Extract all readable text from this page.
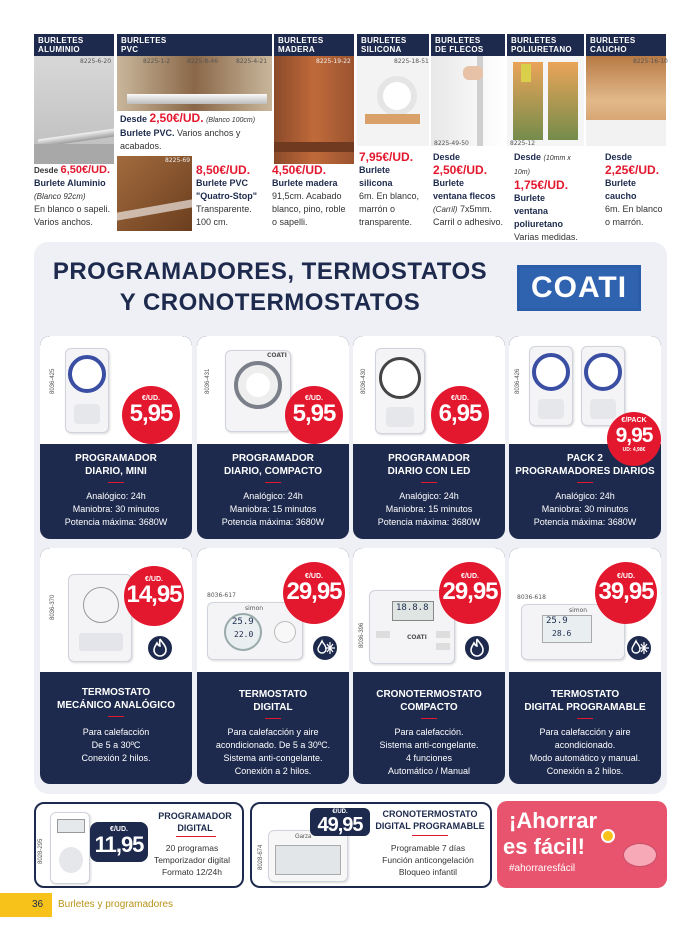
BURLETES
ALUMINIO
BURLETES
PVC
BURLETES
MADERA
BURLETES
SILICONA
BURLETES
DE FLECOS
BURLETES
POLIURETANO
BURLETES
CAUCHO
8225-6-20	8225-1-2	8225-8-46	8225-4-21	8225-19-22	8225-18-51
8225-49-50	8225-12
8225-16-10
8225-69
Desde 6,50€/UD.
Burlete Aluminio
(Blanco 92cm)
En blanco o sapeli.
Varios anchos.
Desde 2,50€/UD. (Blanco 100cm)
Burlete PVC. Varios anchos y
acabados.
8,50€/UD.
Burlete PVC
"Quatro-Stop"
Transparente.
100 cm.
4,50€/UD.
Burlete madera
91,5cm. Acabado
blanco, pino, roble
o sapelli.
7,95€/UD.
Burlete
silicona
6m. En blanco,
marrón o
transparente.
Desde
2,50€/UD.
Burlete
ventana flecos
(Carril) 7x5mm.
Carril o adhesivo.
Desde (10mm x 10m)
1,75€/UD.
Burlete
ventana
poliuretano
Varias medidas.
Desde
2,25€/UD.
Burlete
caucho
6m. En blanco
o marrón.
PROGRAMADORES, TERMOSTATOS
Y CRONOTERMOSTATOS	COATI
8036-425
€/UD.
5,95
PROGRAMADOR
DIARIO, MINI
Analógico: 24h
Maniobra: 30 minutos
Potencia máxima: 3680W
COATI
8036-431
€/UD.
5,95
PROGRAMADOR
DIARIO, COMPACTO
Analógico: 24h
Maniobra: 15 minutos
Potencia máxima: 3680W
8036-430
€/UD.
6,95
PROGRAMADOR
DIARIO CON LED
Analógico: 24h
Maniobra: 15 minutos
Potencia máxima: 3680W
8036-426
€/PACK
9,95
UD: 4,98€
PACK 2
PROGRAMADORES DIARIOS
Analógico: 24h
Maniobra: 30 minutos
Potencia máxima: 3680W
8036-370
€/UD.
14,95
TERMOSTATO
MECÁNICO ANALÓGICO
Para calefacción
De 5 a 30ºC
Conexión 2 hilos.
25.9
22.0
8036-617
simon
€/UD.
29,95
TERMOSTATO
DIGITAL
Para calefacción y aire
acondicionado. De 5 a 30ºC.
Sistema anti-congelante.
Conexión a 2 hilos.
18.8.8
COATI
8036-396
€/UD.
29,95
CRONOTERMOSTATO
COMPACTO
Para calefacción.
Sistema anti-congelante.
4 funciones
Automático / Manual
25.9
28.6
8036-618
simon
€/UD.
39,95
TERMOSTATO
DIGITAL PROGRAMABLE
Para calefacción y aire
acondicionado.
Modo automático y manual.
Conexión a 2 hilos.
8028-295
€/UD.
11,95
PROGRAMADOR
DIGITAL
20 programas
Temporizador digital
Formato 12/24h
8028-674
Garza
€/UD.
49,95	CRONOTERMOSTATO
DIGITAL PROGRAMABLE
Programable 7 días
Función anticongelación
Bloqueo infantil
¡Ahorrar
es fácil!
#ahorraresfácil
36 Burletes y programadores
